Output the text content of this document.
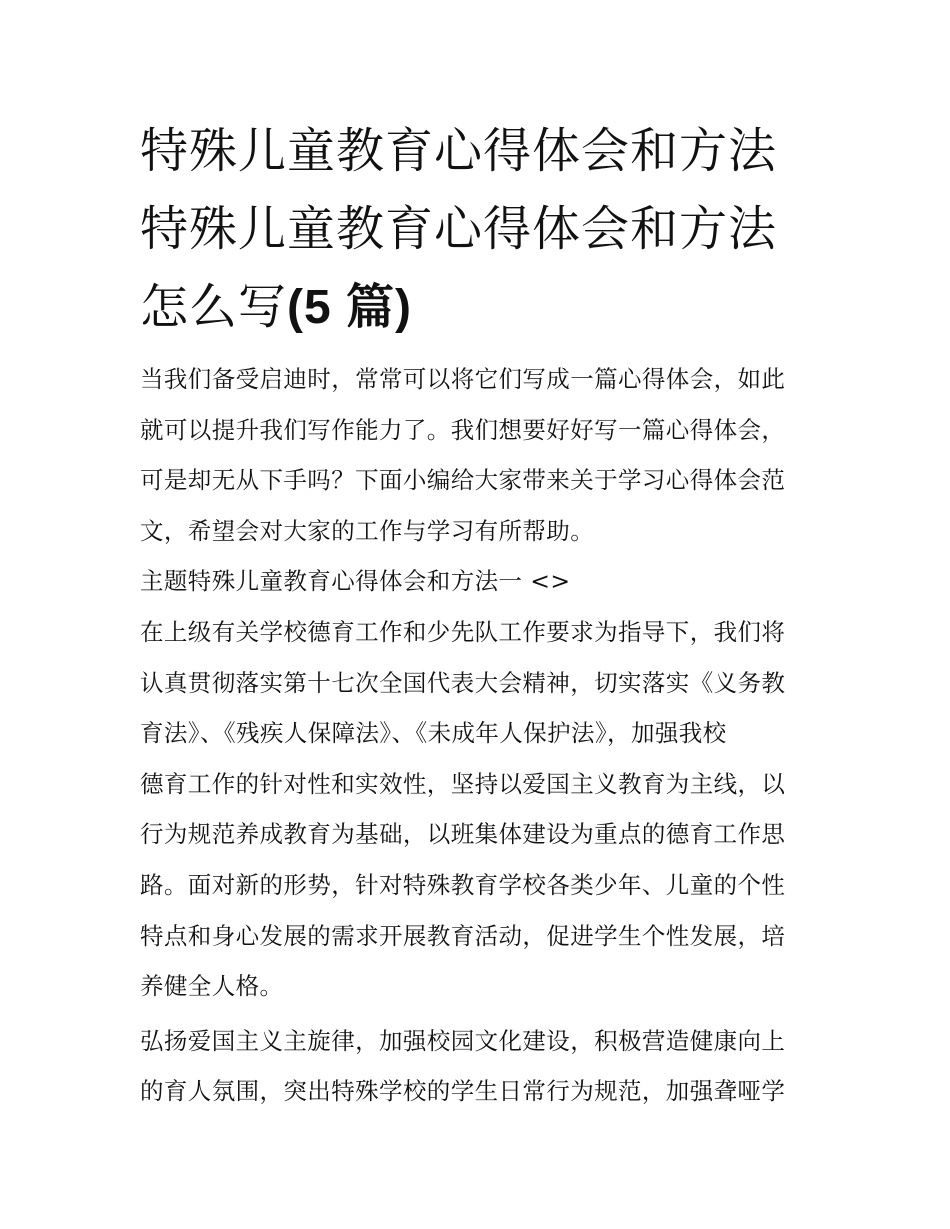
特殊儿童教育心得体会和方法
特殊儿童教育心得体会和方法
怎么写(5 篇)

当我们备受启迪时，常常可以将它们写成一篇心得体会，如此
就可以提升我们写作能力了。我们想要好好写一篇心得体会，
可是却无从下手吗？下面小编给大家带来关于学习心得体会范
文，希望会对大家的工作与学习有所帮助。

主题特殊儿童教育心得体会和方法一 <>

在上级有关学校德育工作和少先队工作要求为指导下，我们将
认真贯彻落实第十七次全国代表大会精神，切实落实《义务教
育法》、《残疾人保障法》、《未成年人保护法》，加强我校
德育工作的针对性和实效性，坚持以爱国主义教育为主线，以
行为规范养成教育为基础，以班集体建设为重点的德育工作思
路。面对新的形势，针对特殊教育学校各类少年、儿童的个性
特点和身心发展的需求开展教育活动，促进学生个性发展，培
养健全人格。

弘扬爱国主义主旋律，加强校园文化建设，积极营造健康向上
的育人氛围，突出特殊学校的学生日常行为规范，加强聋哑学
